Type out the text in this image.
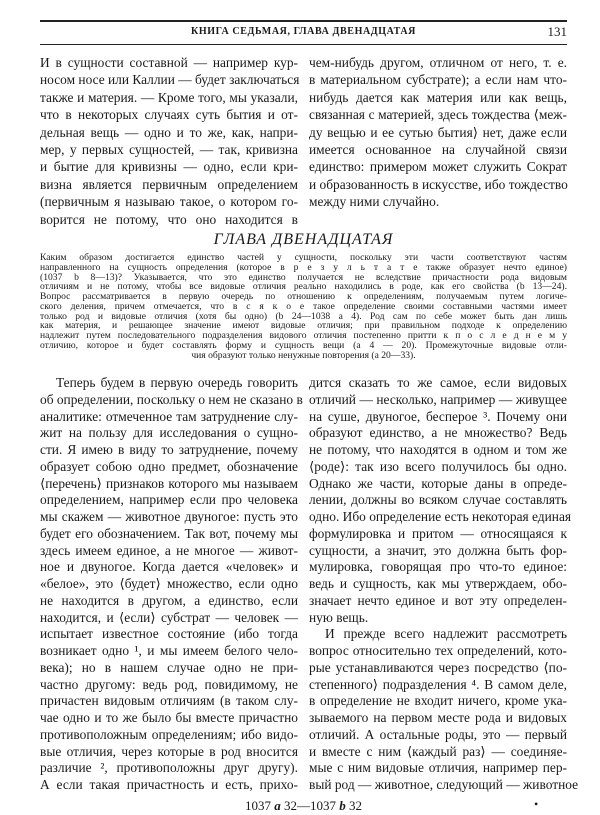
КНИГА СЕДЬМАЯ, ГЛАВА ДВЕНАДЦАТАЯ	131
И в сущности составной — например кур-
носом носе или Каллии — будет заключаться
также и материя. — Кроме того, мы указали,
что в некоторых случаях суть бытия и от-
дельная вещь — одно и то же, как, напри-
мер, у первых сущностей, — так, кривизна
и бытие для кривизны — одно, если кри-
визна является первичным определением
(первичным я называю такое, о котором го-
ворится не потому, что оно находится в
чем-нибудь другом, отличном от него, т. е.
в материальном субстрате); а если нам что-
нибудь дается как материя или как вещь,
связанная с материей, здесь тождества ⟨меж-
ду вещью и ее сутью бытия⟩ нет, даже если
имеется основанное на случайной связи
единство: примером может служить Сократ
и образованность в искусстве, ибо тождество
между ними случайно.
ГЛАВА ДВЕНАДЦАТАЯ
Каким образом достигается единство частей у сущности, поскольку эти части соответствуют частям
направленного на сущность определения (которое в р е з у л ь т а т е также образует нечто единое)
(1037 b 8—13)? Указывается, что это единство получается не вследствие причастности рода видовым
отличиям и не потому, чтобы все видовые отличия реально находились в роде, как его свойства (b 13—24).
Вопрос рассматривается в первую очередь по отношению к определениям, получаемым путем логиче-
ского деления, причем отмечается, что в с я к о е такое определение своими составными частями имеет
только род и видовые отличия (хотя бы одно) (b 24—1038 a 4). Род сам по себе может быть дан лишь
как материя, и решающее значение имеют видовые отличия; при правильном подходе к определению
надлежит путем последовательного подразделения видового отличия постепенно притти к п о с л е д н е м у
отличию, которое и будет составлять форму и сущность вещи (a 4 — 20). Промежуточные видовые отли-
чия образуют только ненужные повторения (a 20—33).
Теперь будем в первую очередь говорить
об определении, поскольку о нем не сказано в
аналитике: отмеченное там затруднение слу-
жит на пользу для исследования о сущно-
сти. Я имею в виду то затруднение, почему
образует собою одно предмет, обозначение
⟨перечень⟩ признаков которого мы называем
определением, например если про человека
мы скажем — животное двуногое: пусть это
будет его обозначением. Так вот, почему мы
здесь имеем единое, а не многое — живот-
ное и двуногое. Когда дается «человек» и
«белое», это ⟨будет⟩ множество, если одно
не находится в другом, а единство, если
находится, и ⟨если⟩ субстрат — человек —
испытает известное состояние (ибо тогда
возникает одно ¹, и мы имеем белого чело-
века); но в нашем случае одно не при-
частно другому: ведь род, повидимому, не
причастен видовым отличиям (в таком слу-
чае одно и то же было бы вместе причастно
противоположным определениям; ибо видо-
вые отличия, через которые в род вносится
различие ², противоположны друг другу).
А если такая причастность и есть, прихо-
дится сказать то же самое, если видовых
отличий — несколько, например — живущее
на суше, двуногое, бесперое ³. Почему они
образуют единство, а не множество? Ведь
не потому, что находятся в одном и том же
⟨роде⟩: так изо всего получилось бы одно.
Однако же части, которые даны в опреде-
лении, должны во всяком случае составлять
одно. Ибо определение есть некоторая единая
формулировка и притом — относящаяся к
сущности, а значит, это должна быть фор-
мулировка, говорящая про что-то единое:
ведь и сущность, как мы утверждаем, обо-
значает нечто единое и вот эту определен-
ную вещь.
И прежде всего надлежит рассмотреть
вопрос относительно тех определений, кото-
рые устанавливаются через посредство ⟨по-
степенного⟩ подразделения ⁴. В самом деле,
в определение не входит ничего, кроме ука-
зываемого на первом месте рода и видовых
отличий. А остальные роды, это — первый
и вместе с ним ⟨каждый раз⟩ — соединяе-
мые с ним видовые отличия, например пер-
вый род — животное, следующий — животное
1037 a 32—1037 b 32	•
